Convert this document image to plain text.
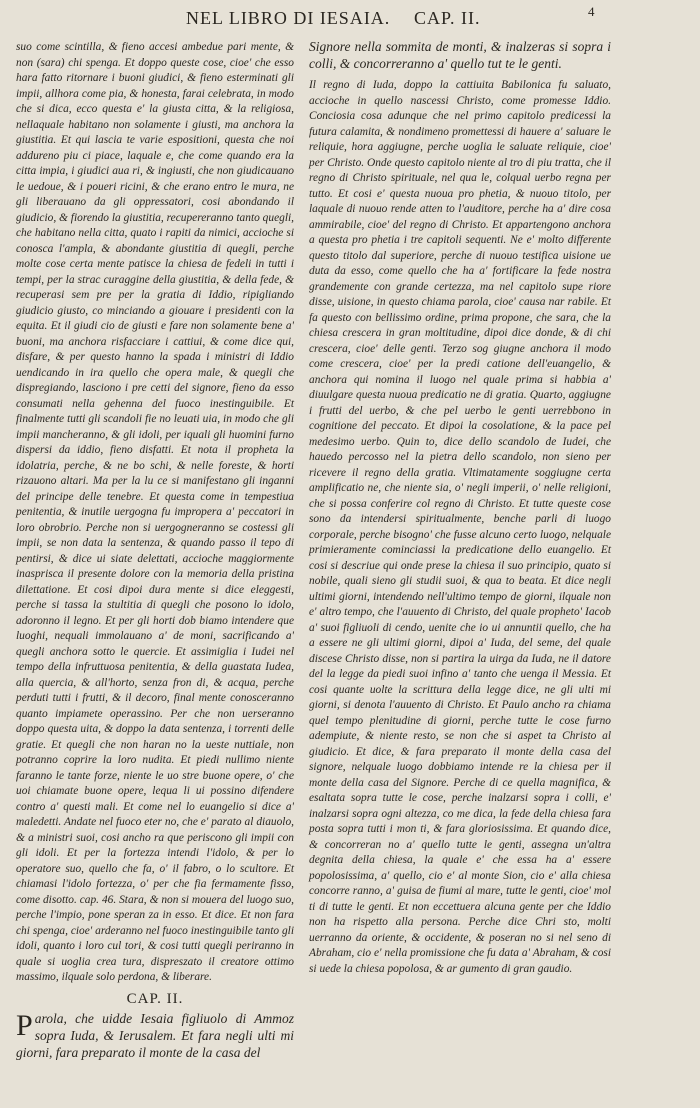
NEL LIBRO DI IESAIA. CAP. II.	4

suo come scintilla, & fieno accesi ambedue pari mente, & non (sara) chi spenga. Et doppo queste cose, cioe' che esso hara fatto ritornare i buoni giudici, & fieno esterminati gli impii, allhora come pia, & honesta, farai celebrata, in modo che si dica, ecco questa e' la giusta citta, & la religiosa, nellaquale habitano non solamente i giusti, ma anchora la giustitia. Et qui lascia te varie espositioni, questa che noi addureno piu ci piace, laquale e, che come quando era la citta impia, i giudici aua ri, & ingiusti, che non giudicauano le uedoue, & i poueri ricini, & che erano entro le mura, ne gli liberauano da gli oppressatori, cosi abondando il giudicio, & fiorendo la giustitia, recupereranno tanto quegli, che habitano nella citta, quato i rapiti da nimici, accioche si conosca l'ampla, & abondante giustitia di quegli, perche molte cose certa mente patisce la chiesa de fedeli in tutti i tempi, per la strac curaggine della giustitia, & della fede, & recuperasi sem pre per la gratia di Iddio, ripigliando giudicio giusto, co minciando a giouare i presidenti con la equita. Et il giudi cio de giusti e fare non solamente bene a' buoni, ma anchora risfacciare i cattiui, & come dice qui, disfare, & per questo hanno la spada i ministri di Iddio uendicando in ira quello che opera male, & quegli che dispregiando, lasciono i pre cetti del signore, fieno da esso consumati nella gehenna del fuoco inestinguibile. Et finalmente tutti gli scandoli fie no leuati uia, in modo che gli impii mancheranno, & gli idoli, per iquali gli huomini furno dispersi da iddio, fieno disfatti. Et nota il propheta la idolatria, perche, & ne bo schi, & nelle foreste, & horti rizauono altari. Ma per la lu ce si manifestano gli inganni del principe delle tenebre. Et questa come in tempestiua penitentia, & inutile uergogna fu impropera a' peccatori in loro obrobrio. Perche non si uergogneranno se costessi gli impii, se non data la sentenza, & quando passo il tepo di pentirsi, & dice ui siate delettati, accioche maggiormente inasprisca il presente dolore con la memoria della pristina dilettatione. Et cosi dipoi dura mente si dice eleggesti, perche si tassa la stultitia di quegli che posono lo idolo, adoronno il legno. Et per gli horti dob biamo intendere que luoghi, nequali immolauano a' de moni, sacrificando a' quegli anchora sotto le quercie. Et assimiglia i Iudei nel tempo della infruttuosa penitentia, & della guastata Iudea, alla quercia, & all'horto, senza fron di, & acqua, perche perduti tutti i frutti, & il decoro, final mente conosceranno quanto impiamete operassino. Per che non uerseranno doppo questa uita, & doppo la data sentenza, i torrenti delle gratie. Et quegli che non haran no la ueste nuttiale, non potranno coprire la loro nudita. Et piedi nullimo niente faranno le tante forze, niente le uo stre buone opere, o' che uoi chiamate buone opere, lequa li ui possino difendere contro a' questi mali. Et come nel lo euangelio si dice a' maledetti. Andate nel fuoco eter no, che e' parato al diauolo, & a ministri suoi, cosi ancho ra que periscono gli impii con gli idoli. Et per la fortezza intendi l'idolo, & per lo operatore suo, quello che fa, o' il fabro, o lo scultore. Et chiamasi l'idolo fortezza, o' per che fia fermamente fisso, come disotto. cap. 46. Stara, & non si mouera del luogo suo, perche l'impio, pone speran za in esso. Et dice. Et non fara chi spenga, cioe' arderanno nel fuoco inestinguibile tanto gli idoli, quanto i loro cul tori, & cosi tutti quegli periranno in quale si uoglia crea tura, dispreszato il creatore ottimo massimo, ilquale solo perdona, & liberare.

CAP. II.

Parola, che uidde Iesaia figliuolo di Ammoz sopra Iuda, & Ierusalem. Et fara negli ulti mi giorni, fara preparato il monte de la casa del

Signore nella sommita de monti, & inalzeras si sopra i colli, & concorreranno a' quello tut te le genti.

Il regno di Iuda, doppo la cattiuita Babilonica fu saluato, accioche in quello nascessi Christo, come promesse Iddio. Conciosia cosa adunque che nel primo capitolo predicessi la futura calamita, & nondimeno promettessi di hauere a' saluare le reliquie, hora aggiugne, perche uoglia le saluate reliquie, cioe' per Christo. Onde questo capitolo niente al tro di piu tratta, che il regno di Christo spirituale, nel qua le, colqual uerbo regna per tutto. Et cosi e' questa nuoua pro phetia, & nuouo titolo, per laquale di nuouo rende atten to l'auditore, perche ha a' dire cosa ammirabile, cioe' del regno di Christo. Et appartengono anchora a questa pro phetia i tre capitoli sequenti. Ne e' molto differente questo titolo dal superiore, perche di nuouo testifica uisione ue duta da esso, come quello che ha a' fortificare la fede nostra grandemente con grande certezza, ma nel capitolo supe riore disse, uisione, in questo chiama parola, cioe' causa nar rabile. Et fa questo con bellissimo ordine, prima propone, che sara, che la chiesa crescera in gran moltitudine, dipoi dice donde, & di chi crescera, cioe' delle genti. Terzo sog giugne anchora il modo come crescera, cioe' per la predi catione dell'euangelio, & anchora qui nomina il luogo nel quale prima si habbia a' diuulgare questa nuoua predicatio ne di gratia. Quarto, aggiugne i frutti del uerbo, & che pel uerbo le genti uerrebbono in cognitione del peccato. Et dipoi la cosolatione, & la pace pel medesimo uerbo. Quin to, dice dello scandolo de Iudei, che hauedo percosso nel la pietra dello scandolo, non sieno per ricevere il regno della gratia. Vltimatamente soggiugne certa amplificatio ne, che niente sia, o' negli imperii, o' nelle religioni, che si possa conferire col regno di Christo. Et tutte queste cose sono da intendersi spiritualmente, benche parli di luogo corporale, perche bisogno' che fusse alcuno certo luogo, nelquale primieramente cominciassi la predicatione dello euangelio. Et cosi si descriue qui onde prese la chiesa il suo principio, quato si nobile, quali sieno gli studii suoi, & qua to beata. Et dice negli ultimi giorni, intendendo nell'ultimo tempo de giorni, ilquale non e' altro tempo, che l'auuento di Christo, del quale propheto' Iacob a' suoi figliuoli di cendo, uenite che io ui annuntii quello, che ha a essere ne gli ultimi giorni, dipoi a' Iuda, del seme, del quale discese Christo disse, non si partira la uirga da Iuda, ne il datore del la legge da piedi suoi infino a' tanto che uenga il Messia. Et cosi quante uolte la scrittura della legge dice, ne gli ulti mi giorni, si denota l'auuento di Christo. Et Paulo ancho ra chiama quel tempo plenitudine di giorni, perche tutte le cose furno adempiute, & niente resto, se non che si aspet ta Christo al giudicio. Et dice, & fara preparato il monte della casa del signore, nelquale luogo dobbiamo intende re la chiesa per il monte della casa del Signore. Perche di ce quella magnifica, & esaltata sopra tutte le cose, perche inalzarsi sopra i colli, e' inalzarsi sopra ogni altezza, co me dica, la fede della chiesa fara posta sopra tutti i mon ti, & fara gloriosissima. Et quando dice, & concorreran no a' quello tutte le genti, assegna un'altra degnita della chiesa, la quale e' che essa ha a' essere popolosissima, a' quello, cio e' al monte Sion, cio e' alla chiesa concorre ranno, a' guisa de fiumi al mare, tutte le genti, cioe' mol ti di tutte le genti. Et non eccettuera alcuna gente per che Iddio non ha rispetto alla persona. Perche dice Chri sto, molti uerranno da oriente, & occidente, & poseran no si nel seno di Abraham, cio e' nella promissione che fu data a' Abraham, & cosi si uede la chiesa popolosa, & ar gumento di gran gaudio.
